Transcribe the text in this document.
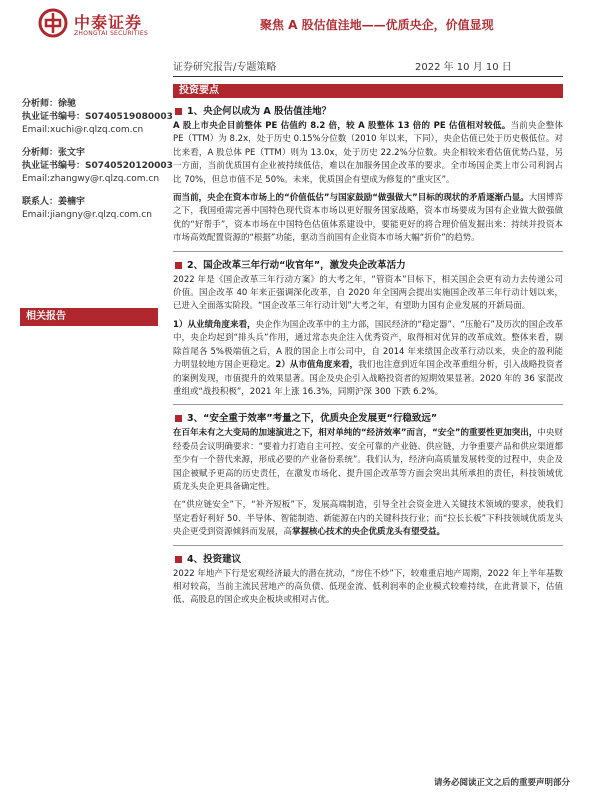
中泰证券
ZHONGTAI SECURITIES
聚焦 A 股估值洼地——优质央企，价值显现
证券研究报告/专题策略	2022 年 10 月 10 日
分析师：徐驰
执业证书编号：S0740519080003
Email:xuchi@r.qlzq.com.cn
分析师：张文宇
执业证书编号：S0740520120003
Email:zhangwy@r.qlzq.com.cn
联系人：姜楠宇
Email:jiangny@r.qlzq.com.cn
相关报告
投资要点
1、央企何以成为 A 股估值洼地？

A 股上市央企目前整体 PE 估值约 8.2 倍，较 A 股整体 13 倍的 PE 估值相对较低。当前央企整体 PE（TTM）为 8.2x，处于历史 0.15%分位数（2010 年以来，下同），央企估值已处于历史极低位。对比来看，A 股总体 PE（TTM）则为 13.0x，处于历史 22.2%分位数。央企相较来看估值优势凸显，另一方面，当前优质国有企业被持续低估，难以在加服务国企改革的要求。全市场国企类上市公司利润占比 70%，但总市值不足 50%。未来，优质国企有望成为修复的“重灾区”。

而当前，央企在资本市场上的“价值低估”与国家鼓励“做强做大”目标的现状的矛盾逐渐凸显。大国博弈之下，我国亟需完善中国特色现代资本市场以更好服务国家战略，资本市场要成为国有企业做大做强做优的“好帮手”，资本市场在中国特色估值体系建设中，要能更好的将合理价值发掘出来：持续并投资本市场高效配置资源的“根据”功能，驱动当前国有企业资本市场大幅“折价”的趋势。

2、国企改革三年行动“收官年”，激发央企改革活力

2022 年是《国企改革三年行动方案》的大考之年，“管资本”目标下，相关国企会更有动力去传递公司价值。国企改革 40 年来正强调深化改革，自 2020 年全国两会提出实施国企改革三年行动计划以来，已进入全面落实阶段。“国企改革三年行动计划”大考之年，有望助力国有企业发展的开新局面。

1）从业绩角度来看，央企作为国企改革中的主力部，国民经济的“稳定器”、“压舱石”及历次的国企改革中，央企均起到“排头兵”作用，通过常态央企注入优秀资产，取得相对优异的改革成效。整体来看，剔除首尾各 5%极端值之后，A 股的国企上市公司中，自 2014 年来绩国企改革行动以来，央企的盈利能力明显较地方国企更稳定。2）从市值角度来看，我们也注意到近年国企改革重组分析，引入战略投资者的案例发现，市值提升的效果显著。国企及央企引入战略投资者的短期效果显著。2020 年的 36 家混改重组或“战投积极”，2021 年上涨 16.3%，同期沪深 300 下跌 6.2%。

3、“安全重于效率”考量之下，优质央企发展更“行稳致远”

在百年未有之大变局的加速演进之下，相对单纯的“经济效率”而言，“安全”的重要性更加突出，中央财经委员会议明确要求：“要着力打造自主可控、安全可靠的产业链、供应链，力争重要产品和供应渠道都至少有一个替代来源，形成必要的产业备份系统”。我们认为，经济向高质量发展转变的过程中，央企及国企被赋予更高的历史责任，在激发市场化、提升国企改革等方面会突出其所承担的责任，科技领域优质龙头央企更具备确定性。

在“供应链安全”下，“补齐短板”下，发展高端制造，引导全社会资金进入关键技术领域的要求，使我们坚定看好利好 50、半导体、智能制造、新能源在内的关键科技行业；而“拉长长板”下科技领域优质龙头央企更受到资源倾斜而发展，高掌握核心技术的央企优质龙头有望受益。

4、投资建议

2022 年地产下行是宏观经济最大的潜在扰动，“房住不炒”下，较难重启地产周期，2022 年上半年基数相对较高，当前主流民营地产的高负债、低现金流、低利润率的企业模式较难持续，在此背景下，估值低、高股息的国企或央企板块或相对占优。

请务必阅读正文之后的重要声明部分
